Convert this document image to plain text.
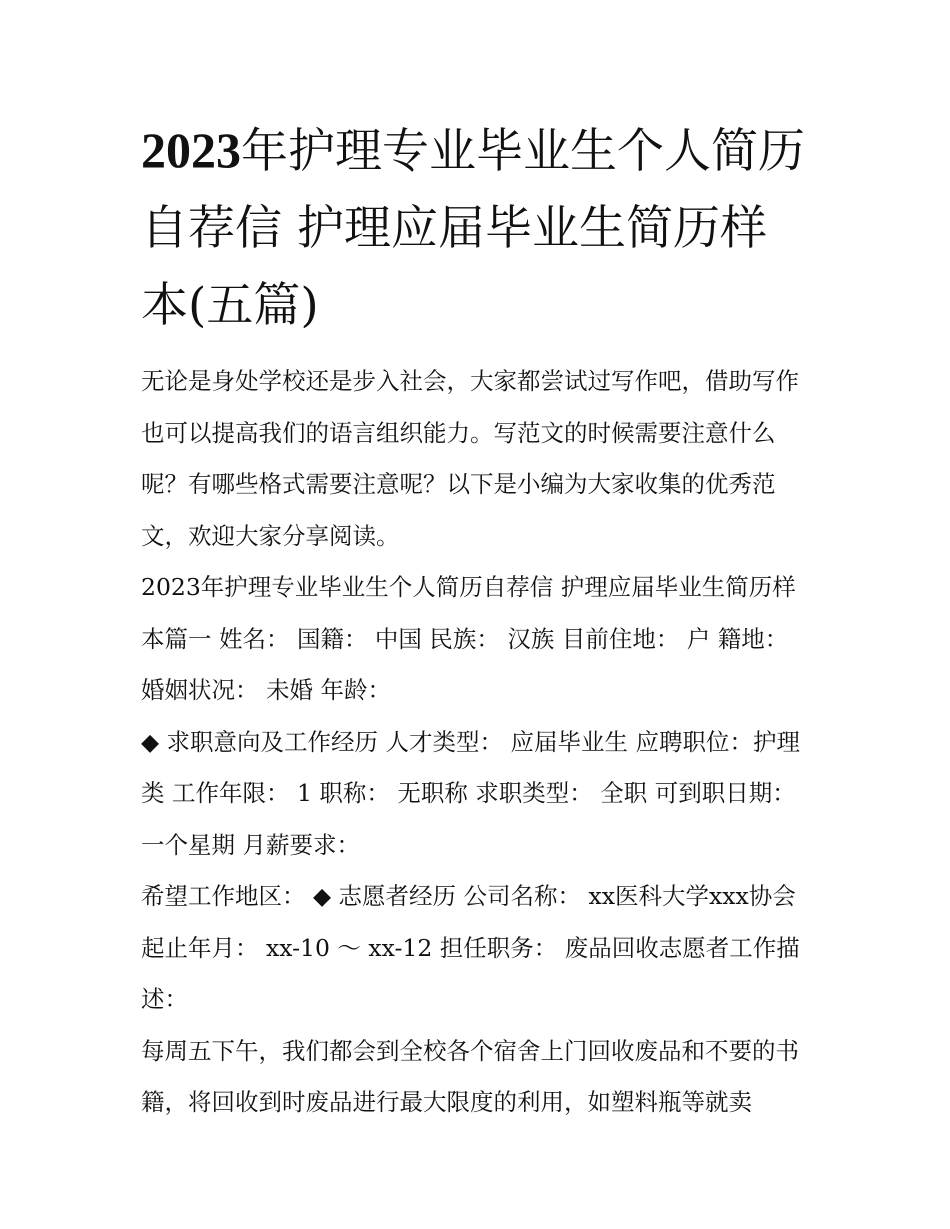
2023年护理专业毕业生个人简历自荐信 护理应届毕业生简历样本(五篇)

无论是身处学校还是步入社会，大家都尝试过写作吧，借助写作也可以提高我们的语言组织能力。写范文的时候需要注意什么呢？有哪些格式需要注意呢？以下是小编为大家收集的优秀范文，欢迎大家分享阅读。

2023年护理专业毕业生个人简历自荐信 护理应届毕业生简历样本篇一 姓名： 国籍： 中国 民族： 汉族 目前住地： 户 籍地： 婚姻状况： 未婚 年龄：

◆ 求职意向及工作经历 人才类型： 应届毕业生 应聘职位：护理类 工作年限： 1 职称： 无职称 求职类型： 全职 可到职日期： 一个星期 月薪要求：

希望工作地区： ◆ 志愿者经历 公司名称： xx医科大学xxx协会 起止年月： xx-10 ～ xx-12 担任职务： 废品回收志愿者工作描述：

每周五下午，我们都会到全校各个宿舍上门回收废品和不要的书籍，将回收到时废品进行最大限度的利用，如塑料瓶等就卖
